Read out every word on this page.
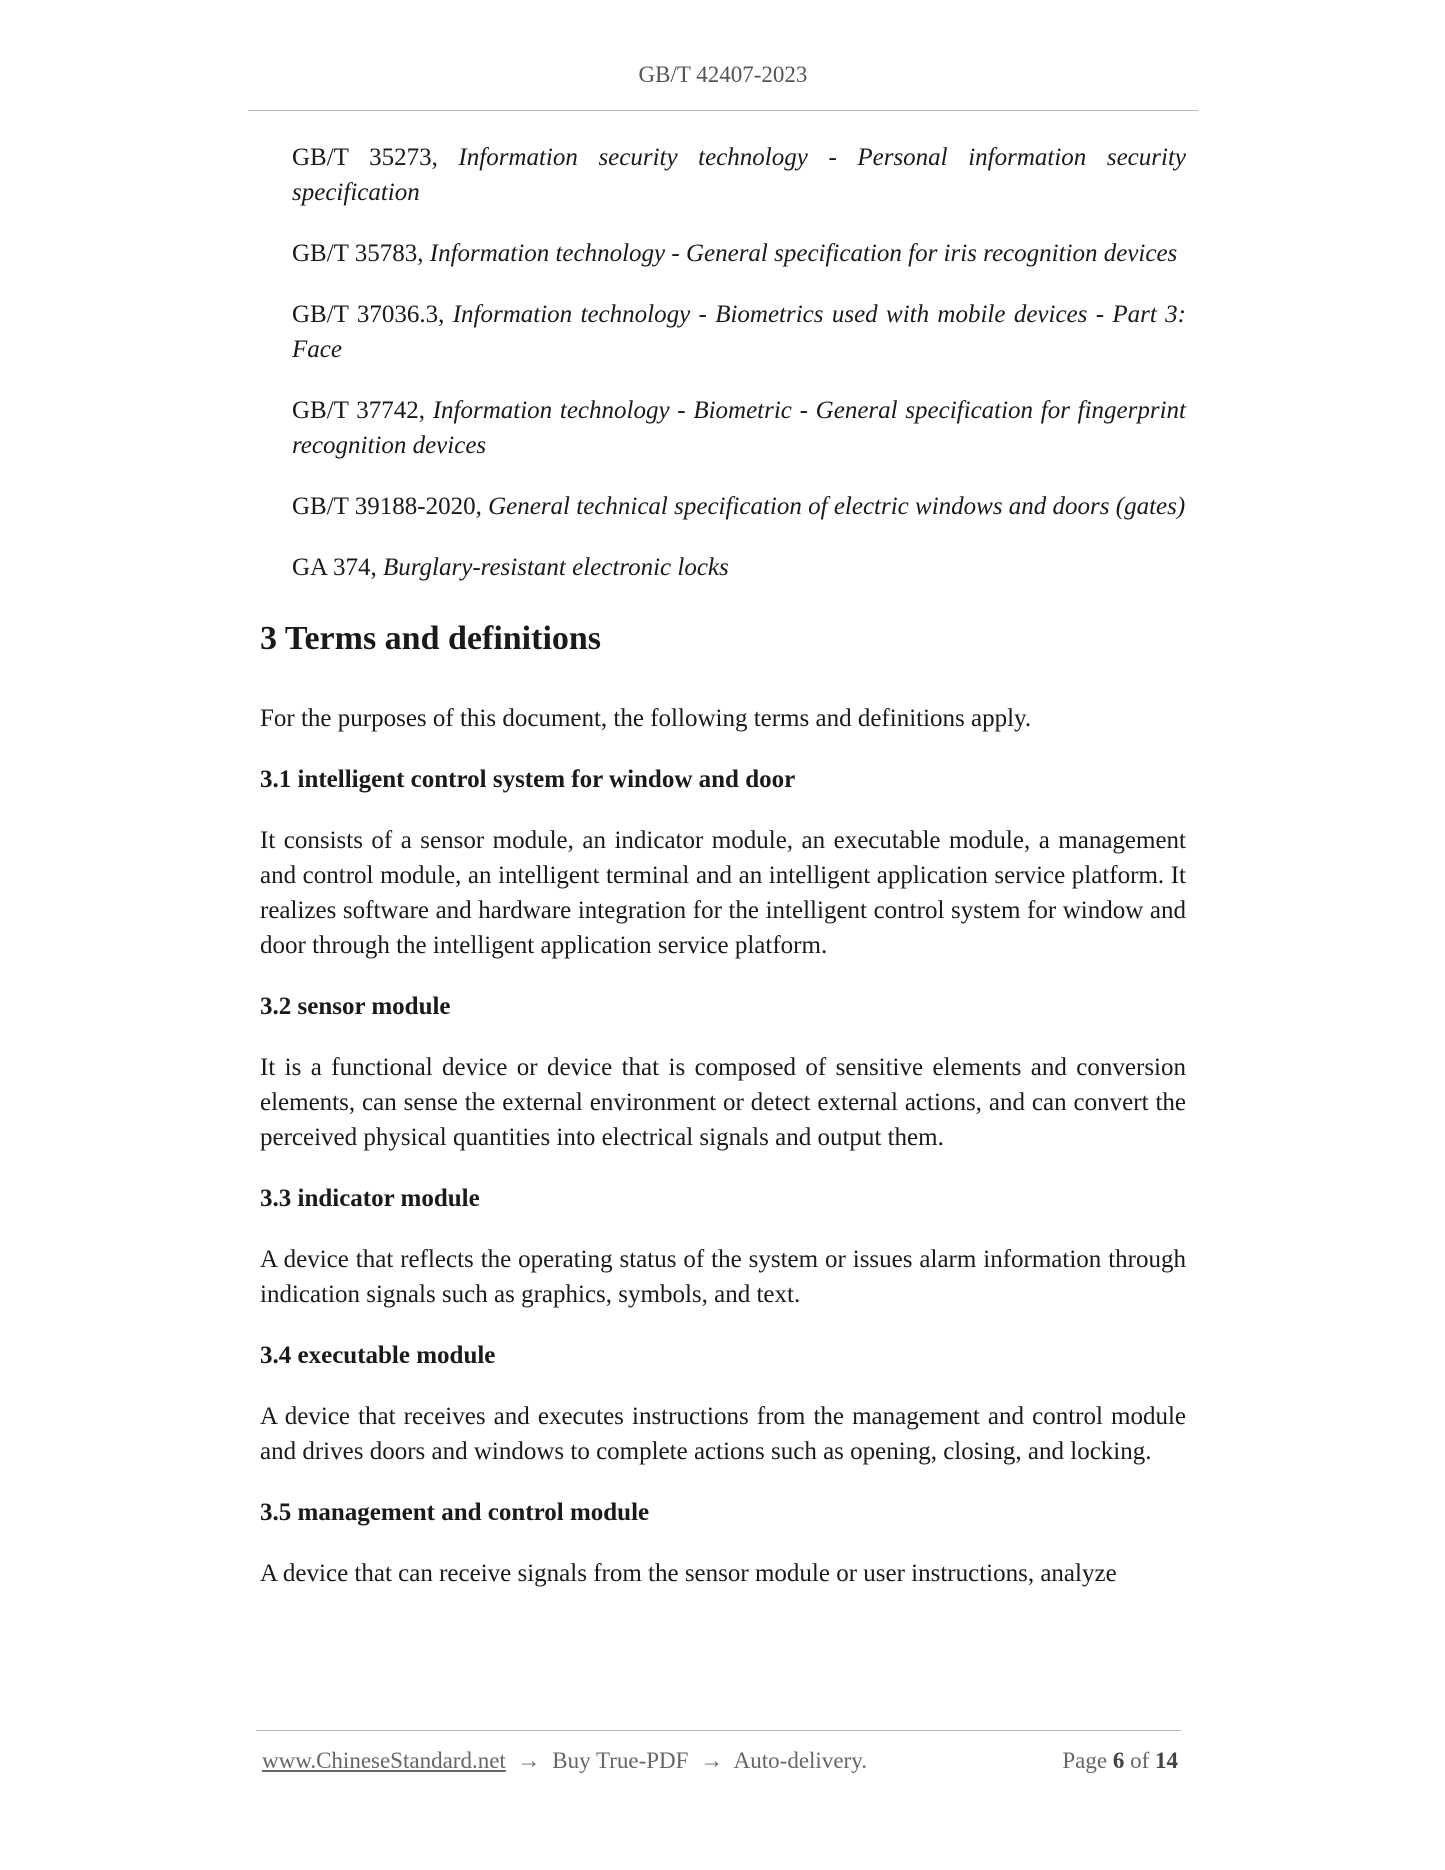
GB/T 42407-2023
GB/T 35273, Information security technology - Personal information security specification
GB/T 35783, Information technology - General specification for iris recognition devices
GB/T 37036.3, Information technology - Biometrics used with mobile devices - Part 3: Face
GB/T 37742, Information technology - Biometric - General specification for fingerprint recognition devices
GB/T 39188-2020, General technical specification of electric windows and doors (gates)
GA 374, Burglary-resistant electronic locks
3 Terms and definitions
For the purposes of this document, the following terms and definitions apply.
3.1 intelligent control system for window and door
It consists of a sensor module, an indicator module, an executable module, a management and control module, an intelligent terminal and an intelligent application service platform. It realizes software and hardware integration for the intelligent control system for window and door through the intelligent application service platform.
3.2 sensor module
It is a functional device or device that is composed of sensitive elements and conversion elements, can sense the external environment or detect external actions, and can convert the perceived physical quantities into electrical signals and output them.
3.3 indicator module
A device that reflects the operating status of the system or issues alarm information through indication signals such as graphics, symbols, and text.
3.4 executable module
A device that receives and executes instructions from the management and control module and drives doors and windows to complete actions such as opening, closing, and locking.
3.5 management and control module
A device that can receive signals from the sensor module or user instructions, analyze
www.ChineseStandard.net → Buy True-PDF → Auto-delivery.	Page 6 of 14
